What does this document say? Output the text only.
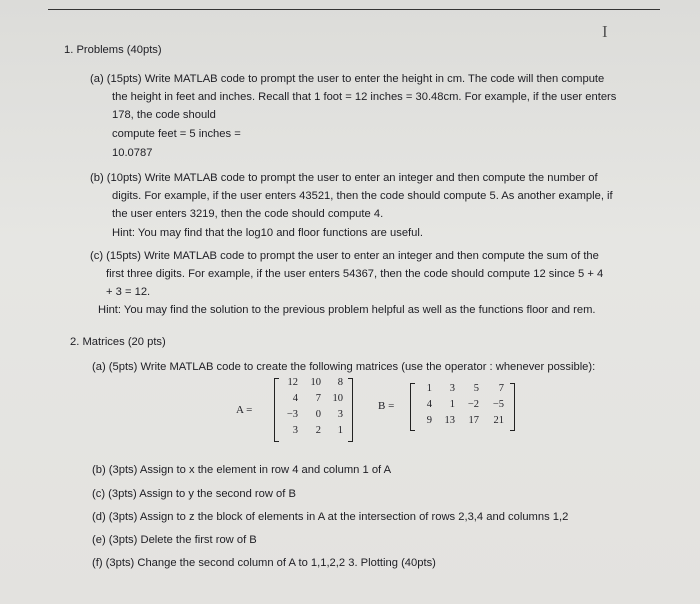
I
1. Problems (40pts)
(a) (15pts) Write MATLAB code to prompt the user to enter the height in cm. The code will then compute
the height in feet and inches. Recall that 1 foot = 12 inches = 30.48cm. For example, if the user enters
178, the code should
compute feet = 5 inches =
10.0787
(b) (10pts) Write MATLAB code to prompt the user to enter an integer and then compute the number of
digits. For example, if the user enters 43521, then the code should compute 5. As another example, if
the user enters 3219, then the code should compute 4.
Hint: You may find that the log10 and floor functions are useful.
(c) (15pts) Write MATLAB code to prompt the user to enter an integer and then compute the sum of the
first three digits. For example, if the user enters 54367, then the code should compute 12 since 5 + 4
+ 3 = 12.
Hint: You may find the solution to the previous problem helpful as well as the functions floor and rem.
2. Matrices (20 pts)
(a) (5pts) Write MATLAB code to create the following matrices (use the operator : whenever possible):
A =
12	10	8
4	7	10
−3	0	3
3	2	1
B =
1	3	5	7
4	1	−2	−5
9	13	17	21
(b) (3pts) Assign to x the element in row 4 and column 1 of A
(c) (3pts) Assign to y the second row of B
(d) (3pts) Assign to z the block of elements in A at the intersection of rows 2,3,4 and columns 1,2
(e) (3pts) Delete the first row of B
(f) (3pts) Change the second column of A to 1,1,2,2 3. Plotting (40pts)
